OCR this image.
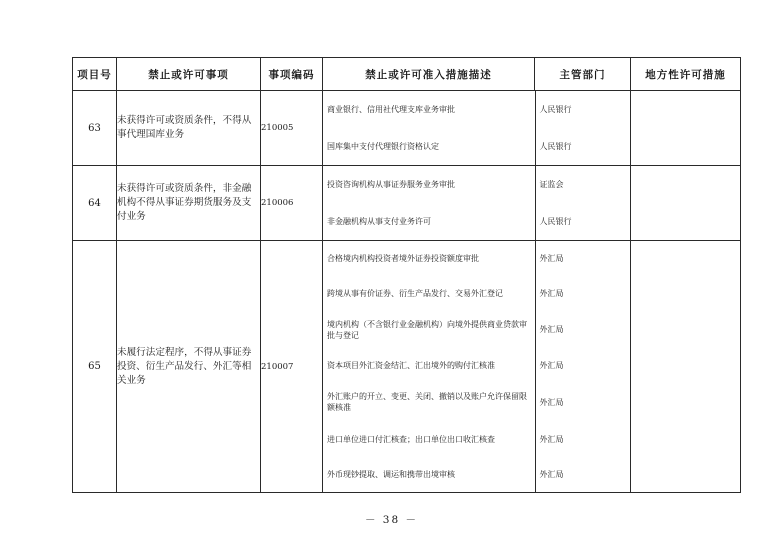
项目号	禁止或许可事项	事项编码	禁止或许可准入措施描述	主管部门	地方性许可措施
63	未获得许可或资质条件，不得从事代理国库业务	210005	
商业银行、信用社代理支库业务审批	人民银行
国库集中支付代理银行资格认定	人民银行

64	未获得许可或资质条件，非金融机构不得从事证券期货服务及支付业务	210006	
投资咨询机构从事证券服务业务审批	证监会
非金融机构从事支付业务许可	人民银行

65	未履行法定程序，不得从事证券投资、衍生产品发行、外汇等相关业务	210007	
合格境内机构投资者境外证券投资额度审批	外汇局
跨境从事有价证券、衍生产品发行、交易外汇登记	外汇局
境内机构（不含银行业金融机构）向境外提供商业贷款审批与登记	外汇局
资本项目外汇资金结汇、汇出境外的购付汇核准	外汇局
外汇账户的开立、变更、关闭、撤销以及账户允许保留限额核准	外汇局
进口单位进口付汇核查；出口单位出口收汇核查	外汇局
外币现钞提取、调运和携带出境审核	外汇局

－ 38 －
